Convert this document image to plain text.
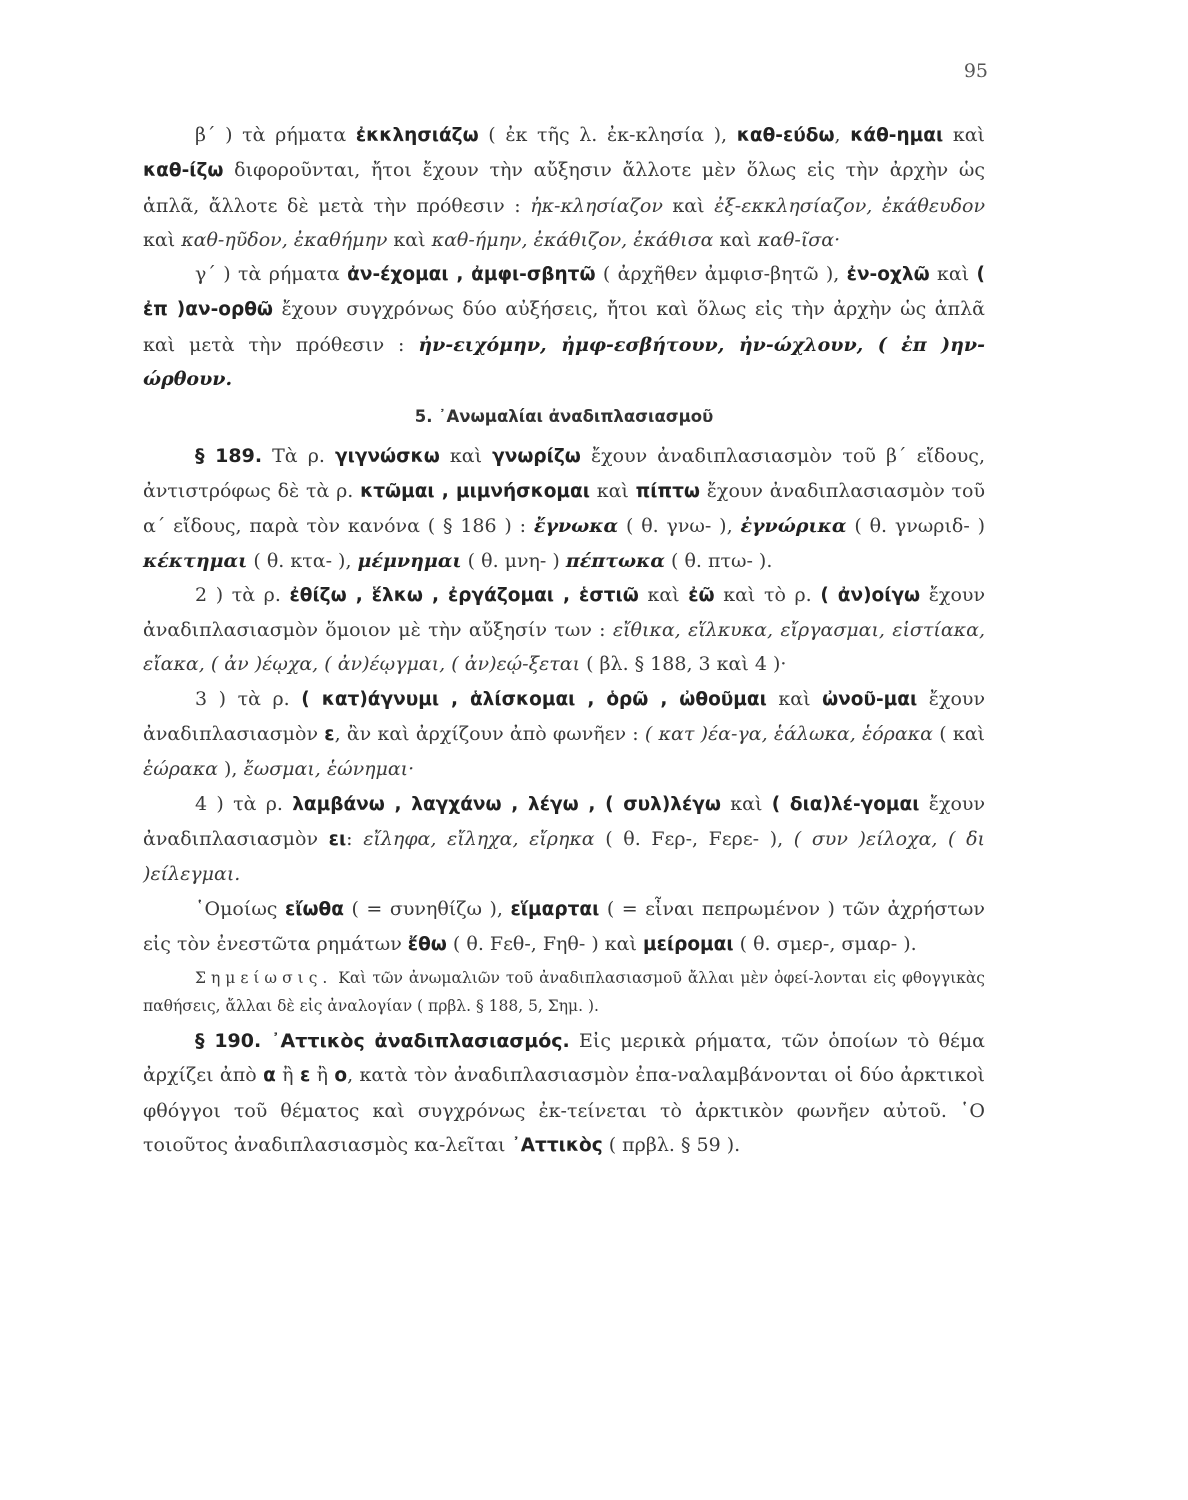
95

β΄ ) τὰ ρήματα ἐκκλησιάζω ( ἐκ τῆς λ. ἐκ-κλησία ), καθ-εύδω, κάθ-ημαι καὶ καθ-ίζω διφοροῦνται, ἤτοι ἔχουν τὴν αὔξησιν ἄλλοτε μὲν ὅλως εἰς τὴν ἀρχὴν ὡς ἁπλᾶ, ἄλλοτε δὲ μετὰ τὴν πρόθεσιν : ἠκ-κλησίαζον καὶ ἐξ-εκκλησίαζον, ἐκάθευδον καὶ καθ-ηῦδον, ἐκαθήμην καὶ καθ-ήμην, ἐκάθιζον, ἐκάθισα καὶ καθ-ῖσα·

γ΄ ) τὰ ρήματα ἀν-έχομαι , ἀμφι-σβητῶ ( ἀρχῆθεν ἀμφισ-βητῶ ), ἐν-οχλῶ καὶ ( ἐπ )αν-ορθῶ ἔχουν συγχρόνως δύο αὐξήσεις, ἤτοι καὶ ὅλως εἰς τὴν ἀρχὴν ὡς ἁπλᾶ καὶ μετὰ τὴν πρόθεσιν : ἠν-ειχόμην, ἠμφ-εσβήτουν, ἠν-ώχλουν, ( ἐπ )ην-ώρθουν.

5. ᾿Ανωμαλίαι ἀναδιπλασιασμοῦ

§ 189. Τὰ ρ. γιγνώσκω καὶ γνωρίζω ἔχουν ἀναδιπλασιασμὸν τοῦ β΄ εἴδους, ἀντιστρόφως δὲ τὰ ρ. κτῶμαι , μιμνήσκομαι καὶ πίπτω ἔχουν ἀναδιπλασιασμὸν τοῦ α΄ εἴδους, παρὰ τὸν κανόνα ( § 186 ) : ἔγνωκα ( θ. γνω- ), ἐγνώρικα ( θ. γνωριδ- ) κέκτημαι ( θ. κτα- ), μέμνημαι ( θ. μνη- ) πέπτωκα ( θ. πτω- ).

2 ) τὰ ρ. ἐθίζω , ἕλκω , ἐργάζομαι , ἑστιῶ καὶ ἐῶ καὶ τὸ ρ. ( ἀν)οίγω ἔχουν ἀναδιπλασιασμὸν ὅμοιον μὲ τὴν αὔξησίν των : εἴθικα, εἵλκυκα, εἴργασμαι, εἱστίακα, εἴακα, ( ἀν )έῳχα, ( ἀν)έῳγμαι, ( ἀν)εῴ-ξεται ( βλ. § 188, 3 καὶ 4 )·

3 ) τὰ ρ. ( κατ)άγνυμι , ἁλίσκομαι , ὁρῶ , ὠθοῦμαι καὶ ὠνοῦ-μαι ἔχουν ἀναδιπλασιασμὸν ε, ἂν καὶ ἀρχίζουν ἀπὸ φωνῆεν : ( κατ )έα-γα, ἑάλωκα, ἑόρακα ( καὶ ἑώρακα ), ἔωσμαι, ἑώνημαι·

4 ) τὰ ρ. λαμβάνω , λαγχάνω , λέγω , ( συλ)λέγω καὶ ( δια)λέ-γομαι ἔχουν ἀναδιπλασιασμὸν ει: εἴληφα, εἴληχα, εἴρηκα ( θ. Fερ-, Fερε- ), ( συν )είλοχα, ( δι )είλεγμαι.

῾Ομοίως εἴωθα ( = συνηθίζω ), εἵμαρται ( = εἶναι πεπρωμένον ) τῶν ἀχρήστων εἰς τὸν ἐνεστῶτα ρημάτων ἔθω ( θ. Fεθ-, Fηθ- ) καὶ μείρομαι ( θ. σμερ-, σμαρ- ).

Σημείωσις. Καὶ τῶν ἀνωμαλιῶν τοῦ ἀναδιπλασιασμοῦ ἄλλαι μὲν ὀφεί-λονται εἰς φθογγικὰς παθήσεις, ἄλλαι δὲ εἰς ἀναλογίαν ( πρβλ. § 188, 5, Σημ. ).

§ 190. ᾿Αττικὸς ἀναδιπλασιασμός. Εἰς μερικὰ ρήματα, τῶν ὁποίων τὸ θέμα ἀρχίζει ἀπὸ α ἢ ε ἢ ο, κατὰ τὸν ἀναδιπλασιασμὸν ἐπα-ναλαμβάνονται οἱ δύο ἀρκτικοὶ φθόγγοι τοῦ θέματος καὶ συγχρόνως ἐκ-τείνεται τὸ ἀρκτικὸν φωνῆεν αὐτοῦ. ῾Ο τοιοῦτος ἀναδιπλασιασμὸς κα-λεῖται ᾿Αττικὸς ( πρβλ. § 59 ).
